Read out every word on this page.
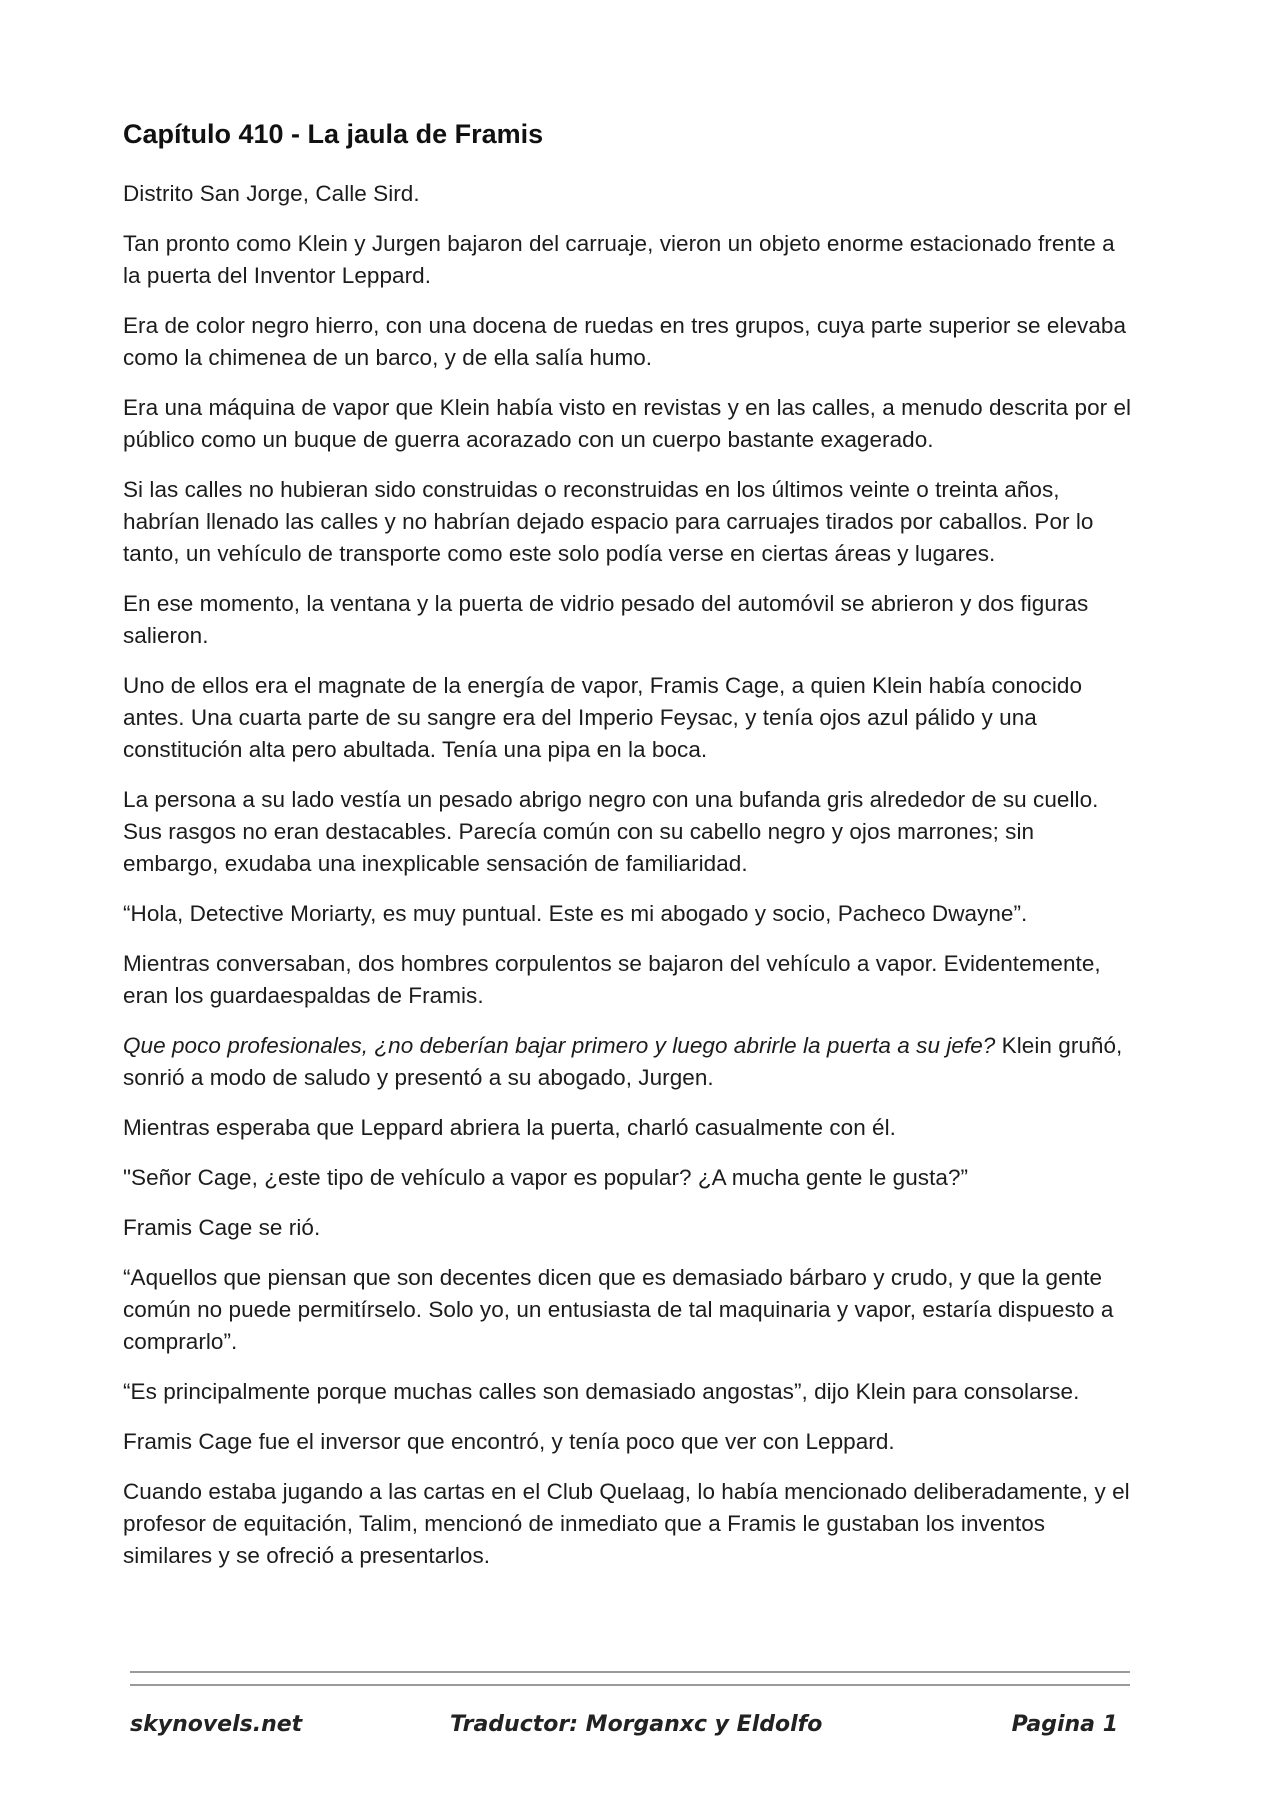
Capítulo 410 - La jaula de Framis

Distrito San Jorge, Calle Sird.

Tan pronto como Klein y Jurgen bajaron del carruaje, vieron un objeto enorme estacionado frente a la puerta del Inventor Leppard.

Era de color negro hierro, con una docena de ruedas en tres grupos, cuya parte superior se elevaba como la chimenea de un barco, y de ella salía humo.

Era una máquina de vapor que Klein había visto en revistas y en las calles, a menudo descrita por el público como un buque de guerra acorazado con un cuerpo bastante exagerado.

Si las calles no hubieran sido construidas o reconstruidas en los últimos veinte o treinta años, habrían llenado las calles y no habrían dejado espacio para carruajes tirados por caballos. Por lo tanto, un vehículo de transporte como este solo podía verse en ciertas áreas y lugares.

En ese momento, la ventana y la puerta de vidrio pesado del automóvil se abrieron y dos figuras salieron.

Uno de ellos era el magnate de la energía de vapor, Framis Cage, a quien Klein había conocido antes. Una cuarta parte de su sangre era del Imperio Feysac, y tenía ojos azul pálido y una constitución alta pero abultada. Tenía una pipa en la boca.

La persona a su lado vestía un pesado abrigo negro con una bufanda gris alrededor de su cuello. Sus rasgos no eran destacables. Parecía común con su cabello negro y ojos marrones; sin embargo, exudaba una inexplicable sensación de familiaridad.

“Hola, Detective Moriarty, es muy puntual. Este es mi abogado y socio, Pacheco Dwayne”.

Mientras conversaban, dos hombres corpulentos se bajaron del vehículo a vapor. Evidentemente, eran los guardaespaldas de Framis.

Que poco profesionales, ¿no deberían bajar primero y luego abrirle la puerta a su jefe? Klein gruñó, sonrió a modo de saludo y presentó a su abogado, Jurgen.

Mientras esperaba que Leppard abriera la puerta, charló casualmente con él.

"Señor Cage, ¿este tipo de vehículo a vapor es popular? ¿A mucha gente le gusta?”

Framis Cage se rió.

“Aquellos que piensan que son decentes dicen que es demasiado bárbaro y crudo, y que la gente común no puede permitírselo. Solo yo, un entusiasta de tal maquinaria y vapor, estaría dispuesto a comprarlo”.

“Es principalmente porque muchas calles son demasiado angostas”, dijo Klein para consolarse.

Framis Cage fue el inversor que encontró, y tenía poco que ver con Leppard.

Cuando estaba jugando a las cartas en el Club Quelaag, lo había mencionado deliberadamente, y el profesor de equitación, Talim, mencionó de inmediato que a Framis le gustaban los inventos similares y se ofreció a presentarlos.

skynovels.net	Traductor: Morganxc y Eldolfo	Pagina 1
